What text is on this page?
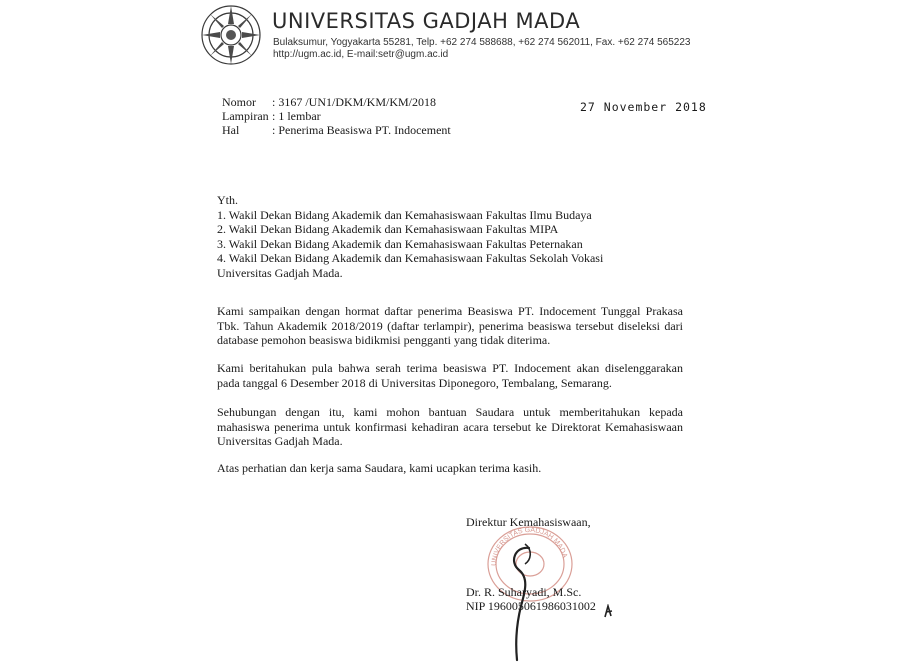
UNIVERSITAS GADJAH MADA
Bulaksumur, Yogyakarta 55281, Telp. +62 274 588688, +62 274 562011, Fax. +62 274 565223
http://ugm.ac.id, E-mail:setr@ugm.ac.id
Nomor : 3167 /UN1/DKM/KM/KM/2018
Lampiran : 1 lembar
Hal	: Penerima Beasiswa PT. Indocement
27 November 2018
Yth.
1. Wakil Dekan Bidang Akademik dan Kemahasiswaan Fakultas Ilmu Budaya
2. Wakil Dekan Bidang Akademik dan Kemahasiswaan Fakultas MIPA
3. Wakil Dekan Bidang Akademik dan Kemahasiswaan Fakultas Peternakan
4. Wakil Dekan Bidang Akademik dan Kemahasiswaan Fakultas Sekolah Vokasi
Universitas Gadjah Mada.
Kami sampaikan dengan hormat daftar penerima Beasiswa PT. Indocement Tunggal Prakasa
Tbk. Tahun Akademik 2018/2019 (daftar terlampir), penerima beasiswa tersebut diseleksi dari
database pemohon beasiswa bidikmisi pengganti yang tidak diterima.
Kami beritahukan pula bahwa serah terima beasiswa PT. Indocement akan diselenggarakan
pada tanggal 6 Desember 2018 di Universitas Diponegoro, Tembalang, Semarang.
Sehubungan dengan itu, kami mohon bantuan Saudara untuk memberitahukan kepada
mahasiswa penerima untuk konfirmasi kehadiran acara tersebut ke Direktorat Kemahasiswaan
Universitas Gadjah Mada.
Atas perhatian dan kerja sama Saudara, kami ucapkan terima kasih.
Direktur Kemahasiswaan,
UNIVERSITAS GADJAH MADA
Dr. R. Suharyadi, M.Sc.
NIP 196005061986031002
